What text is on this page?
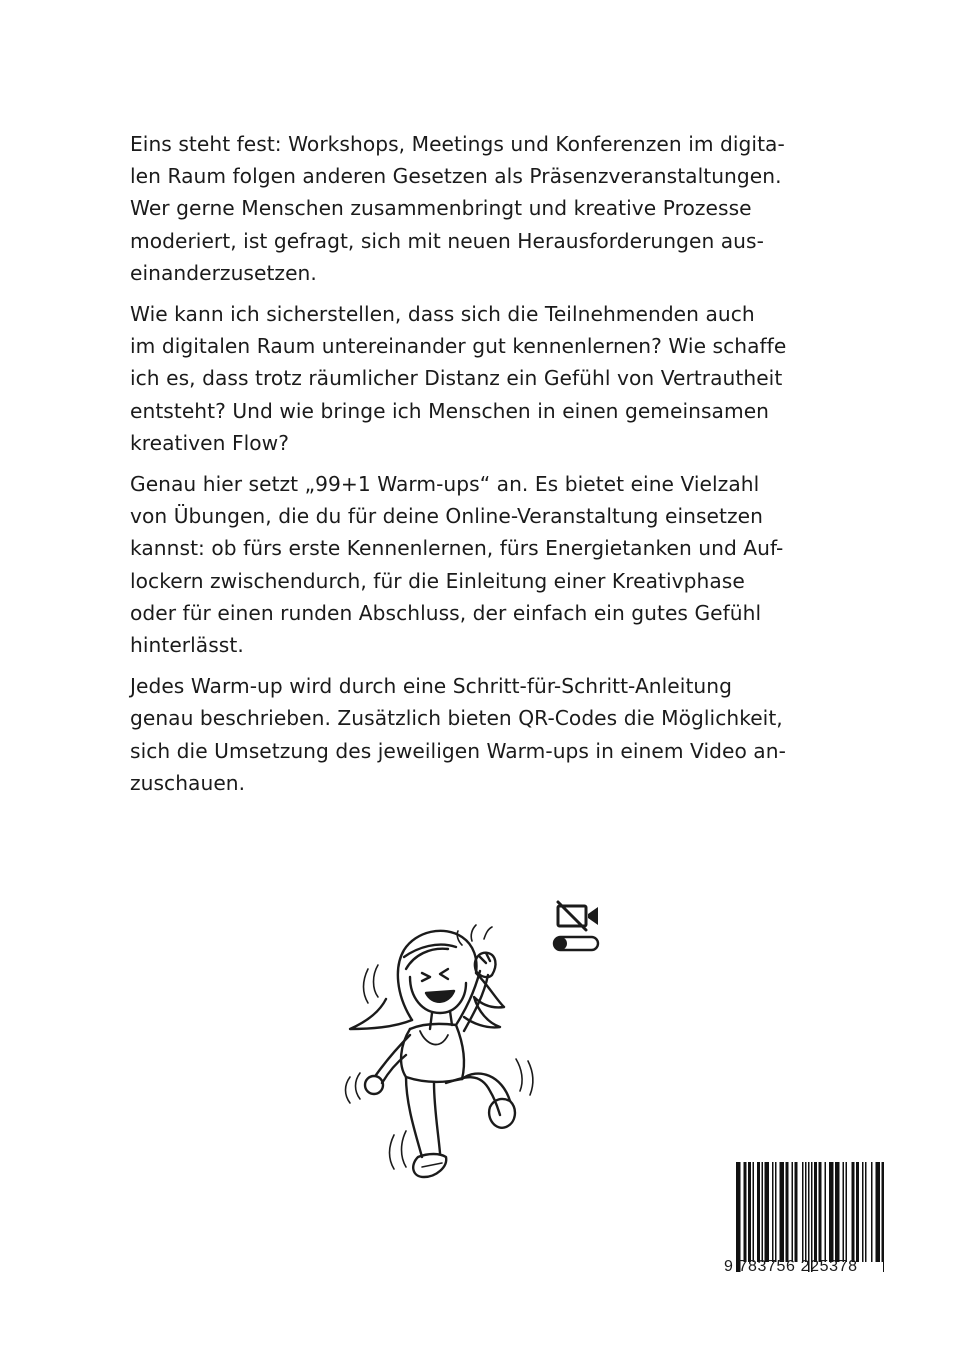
Eins steht fest: Workshops, Meetings und Konferenzen im digita-
len Raum folgen anderen Gesetzen als Präsenzveranstaltungen.
Wer gerne Menschen zusammenbringt und kreative Prozesse
moderiert, ist gefragt, sich mit neuen Herausforderungen aus-
einanderzusetzen.

Wie kann ich sicherstellen, dass sich die Teilnehmenden auch
im digitalen Raum untereinander gut kennenlernen? Wie schaffe
ich es, dass trotz räumlicher Distanz ein Gefühl von Vertrautheit
entsteht? Und wie bringe ich Menschen in einen gemeinsamen
kreativen Flow?

Genau hier setzt „99+1 Warm-ups“ an. Es bietet eine Vielzahl
von Übungen, die du für deine Online-Veranstaltung einsetzen
kannst: ob fürs erste Kennenlernen, fürs Energietanken und Auf-
lockern zwischendurch, für die Einleitung einer Kreativphase
oder für einen runden Abschluss, der einfach ein gutes Gefühl
hinterlässt.

Jedes Warm-up wird durch eine Schritt-für-Schritt-Anleitung
genau beschrieben. Zusätzlich bieten QR-Codes die Möglichkeit,
sich die Umsetzung des jeweiligen Warm-ups in einem Video an-
zuschauen.

9 783756 225378
